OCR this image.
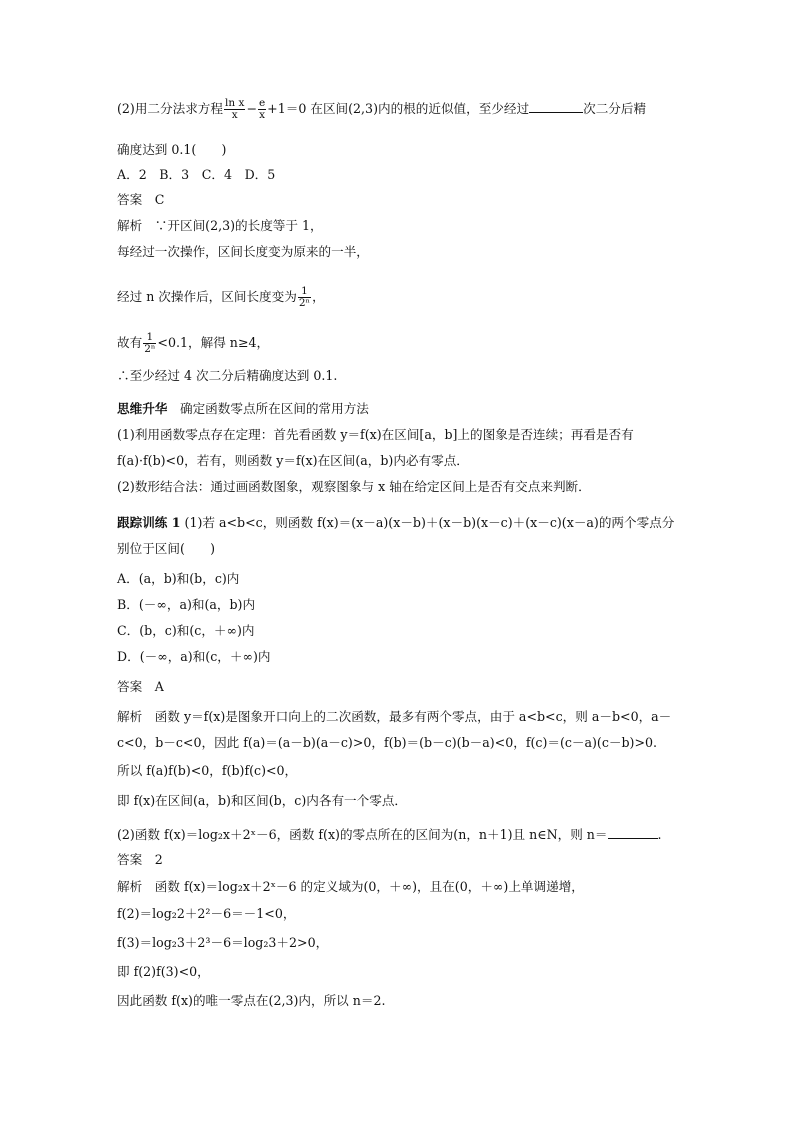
(2)用二分法求方程 $\frac{\text{ln x}}{x} - \frac{e}{x} +1=0$ 在区间(2,3)内的根的近似值，至少经过	次二分后精
确度达到 0.1(　　)
A．2　B．3　C．4　D．5
答案　C
解析　∵开区间(2,3)的长度等于 1，
每经过一次操作，区间长度变为原来的一半，
经过 n 次操作后，区间长度变为 $\frac{1}{\text{2ⁿ}}$ ，
故有 $\frac{1}{\text{2ⁿ}} <0.1$，解得 n≥4，
∴至少经过 4 次二分后精确度达到 0.1.
思维升华　 确定函数零点所在区间的常用方法
(1)利用函数零点存在定理：首先看函数 y＝f(x)在区间[a，b]上的图象是否连续；再看是否有
f(a)·f(b)<0，若有，则函数 y＝f(x)在区间(a，b)内必有零点．
(2)数形结合法：通过画函数图象，观察图象与 x 轴在给定区间上是否有交点来判断．
跟踪训练 1 (1)若 a<b<c，则函数 f(x)＝(x－a)(x－b)＋(x－b)(x－c)＋(x－c)(x－a)的两个零点分
别位于区间(　　)
A．(a，b)和(b，c)内
B．(－∞，a)和(a，b)内
C．(b，c)和(c，＋∞)内
D．(－∞，a)和(c，＋∞)内
答案　A
解析　函数 y＝f(x)是图象开口向上的二次函数，最多有两个零点，由于 a<b<c，则 a－b<0，a－
c<0，b－c<0，因此 f(a)＝(a－b)(a－c)>0，f(b)＝(b－c)(b－a)<0，f(c)＝(c－a)(c－b)>0.
所以 f(a)f(b)<0，f(b)f(c)<0，
即 f(x)在区间(a，b)和区间(b，c)内各有一个零点．
(2)函数 f(x)＝log₂x＋2ˣ－6，函数 f(x)的零点所在的区间为(n，n＋1)且 n∈N，则 n＝	.
答案　2
解析　函数 f(x)＝log₂x＋2ˣ－6 的定义域为(0，＋∞)，且在(0，＋∞)上单调递增，
f(2)＝log₂2＋2²－6＝－1<0，
f(3)＝log₂3＋2³－6＝log₂3＋2>0，
即 f(2)f(3)<0，
因此函数 f(x)的唯一零点在(2,3)内，所以 n＝2.
